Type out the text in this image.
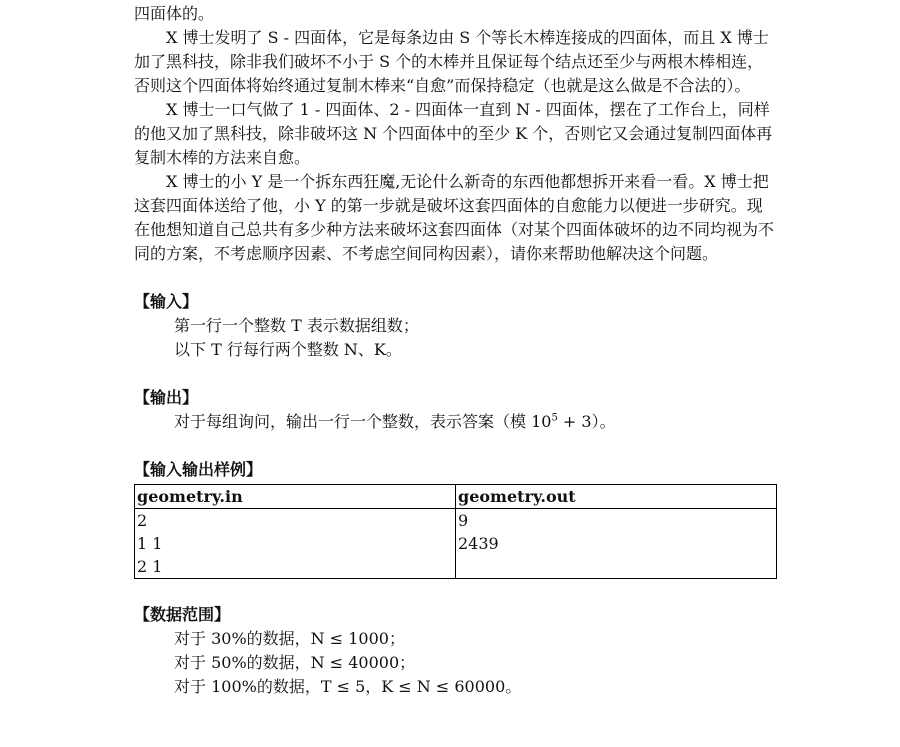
四面体的。

X 博士发明了 S - 四面体，它是每条边由 S 个等长木棒连接成的四面体，而且 X 博士加了黑科技，除非我们破坏不小于 S 个的木棒并且保证每个结点还至少与两根木棒相连，否则这个四面体将始终通过复制木棒来“自愈”而保持稳定（也就是这么做是不合法的）。

X 博士一口气做了 1 - 四面体、2 - 四面体一直到 N - 四面体，摆在了工作台上，同样的他又加了黑科技，除非破坏这 N 个四面体中的至少 K 个，否则它又会通过复制四面体再复制木棒的方法来自愈。

X 博士的小 Y 是一个拆东西狂魔,无论什么新奇的东西他都想拆开来看一看。X 博士把这套四面体送给了他，小 Y 的第一步就是破坏这套四面体的自愈能力以便进一步研究。现在他想知道自己总共有多少种方法来破坏这套四面体（对某个四面体破坏的边不同均视为不同的方案，不考虑顺序因素、不考虑空间同构因素），请你来帮助他解决这个问题。

【输入】

第一行一个整数 T 表示数据组数；

以下 T 行每行两个整数 N、K。

【输出】

对于每组询问，输出一行一个整数，表示答案（模 $10^5 + 3$）。

【输入输出样例】

geometry.in	geometry.out
2	9
1 1	2439
2 1	

【数据范围】

对于 30%的数据，N ≤ 1000；

对于 50%的数据，N ≤ 40000；

对于 100%的数据，T ≤ 5，K ≤ N ≤ 60000。
